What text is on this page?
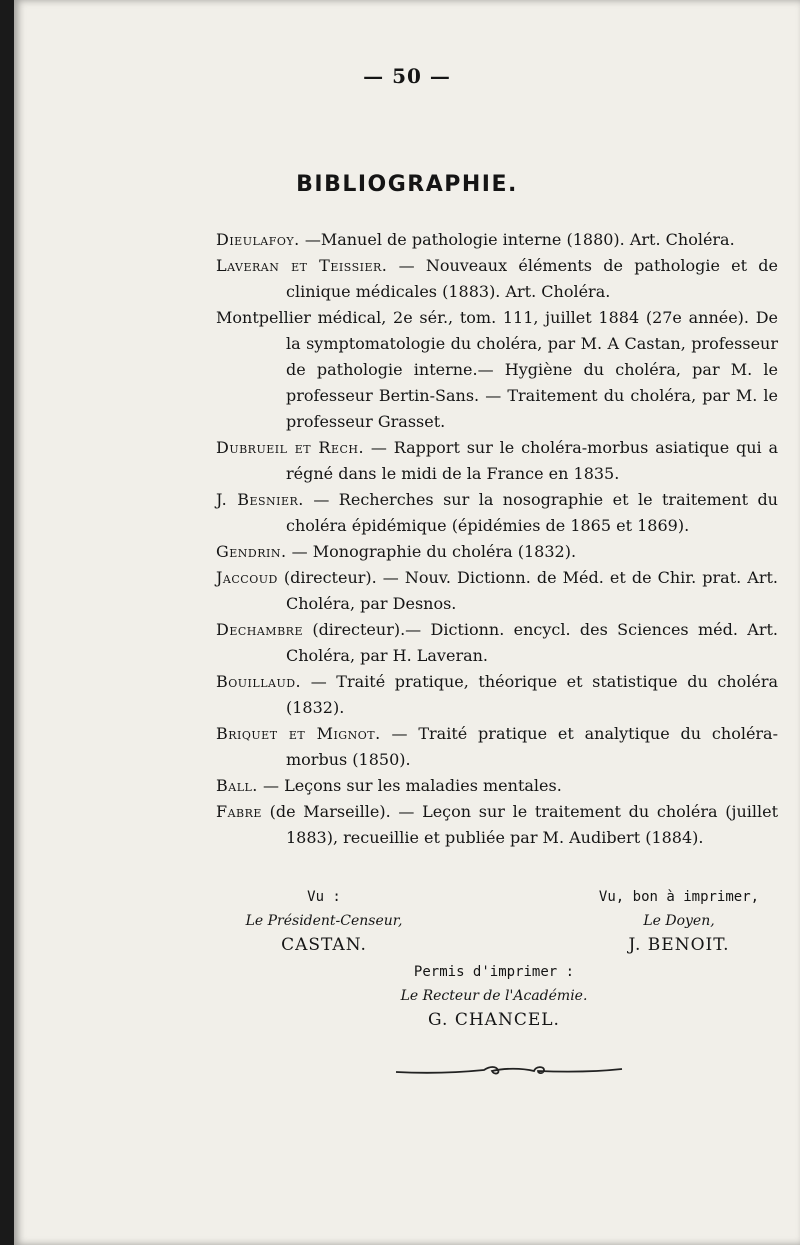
— 50 —
BIBLIOGRAPHIE.

Dieulafoy. —Manuel de pathologie interne (1880). Art. Choléra.

Laveran et Teissier. — Nouveaux éléments de pathologie et de clinique médicales (1883). Art. Choléra.

Montpellier médical, 2e sér., tom. 111, juillet 1884 (27e année). De la symptomatologie du choléra, par M. A Castan, professeur de pathologie interne.— Hygiène du choléra, par M. le professeur Bertin-Sans. — Traitement du choléra, par M. le professeur Grasset.

Dubrueil et Rech. — Rapport sur le choléra-morbus asiatique qui a régné dans le midi de la France en 1835.

J. Besnier. — Recherches sur la nosographie et le traitement du choléra épidémique (épidémies de 1865 et 1869).

Gendrin. — Monographie du choléra (1832).

Jaccoud (directeur). — Nouv. Dictionn. de Méd. et de Chir. prat. Art. Choléra, par Desnos.

Dechambre (directeur).— Dictionn. encycl. des Sciences méd. Art. Choléra, par H. Laveran.

Bouillaud. — Traité pratique, théorique et statistique du choléra (1832).

Briquet et Mignot. — Traité pratique et analytique du choléra-morbus (1850).

Ball. — Leçons sur les maladies mentales.

Fabre (de Marseille). — Leçon sur le traitement du choléra (juillet 1883), recueillie et publiée par M. Audibert (1884).

Vu :
Le Président-Censeur,
CASTAN.
Vu, bon à imprimer,
Le Doyen,
J. BENOIT.
Permis d'imprimer :
Le Recteur de l'Académie.
G. CHANCEL.
